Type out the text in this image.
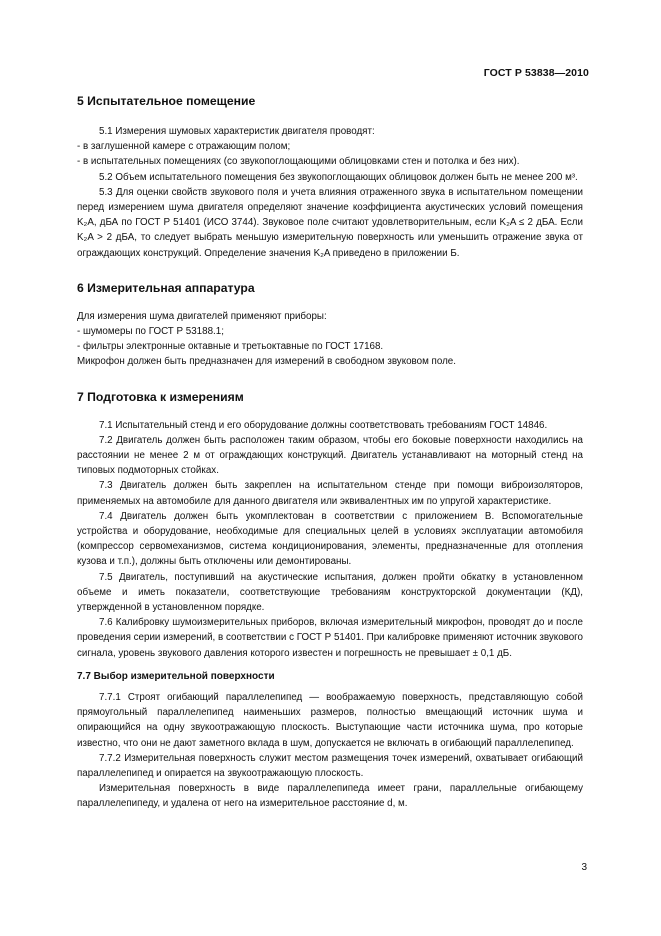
ГОСТ Р 53838—2010
5 Испытательное помещение

5.1 Измерения шумовых характеристик двигателя проводят:

- в заглушенной камере с отражающим полом;

- в испытательных помещениях (со звукопоглощающими облицовками стен и потолка и без них).

5.2 Объем испытательного помещения без звукопоглощающих облицовок должен быть не менее 200 м³.

5.3 Для оценки свойств звукового поля и учета влияния отраженного звука в испытательном помещении перед измерением шума двигателя определяют значение коэффициента акустических условий помещения K₂A, дБА по ГОСТ Р 51401 (ИСО 3744). Звуковое поле считают удовлетворительным, если K₂A ≤ 2 дБА. Если K₂A > 2 дБА, то следует выбрать меньшую измерительную поверхность или уменьшить отражение звука от ограждающих конструкций. Определение значения K₂A приведено в приложении Б.

6 Измерительная аппаратура

Для измерения шума двигателей применяют приборы:

- шумомеры по ГОСТ Р 53188.1;

- фильтры электронные октавные и третьоктавные по ГОСТ 17168.

Микрофон должен быть предназначен для измерений в свободном звуковом поле.

7 Подготовка к измерениям

7.1 Испытательный стенд и его оборудование должны соответствовать требованиям ГОСТ 14846.

7.2 Двигатель должен быть расположен таким образом, чтобы его боковые поверхности находились на расстоянии не менее 2 м от ограждающих конструкций. Двигатель устанавливают на моторный стенд на типовых подмоторных стойках.

7.3 Двигатель должен быть закреплен на испытательном стенде при помощи виброизоляторов, применяемых на автомобиле для данного двигателя или эквивалентных им по упругой характеристике.

7.4 Двигатель должен быть укомплектован в соответствии с приложением В. Вспомогательные устройства и оборудование, необходимые для специальных целей в условиях эксплуатации автомобиля (компрессор сервомеханизмов, система кондиционирования, элементы, предназначенные для отопления кузова и т.п.), должны быть отключены или демонтированы.

7.5 Двигатель, поступивший на акустические испытания, должен пройти обкатку в установленном объеме и иметь показатели, соответствующие требованиям конструкторской документации (КД), утвержденной в установленном порядке.

7.6 Калибровку шумоизмерительных приборов, включая измерительный микрофон, проводят до и после проведения серии измерений, в соответствии с ГОСТ Р 51401. При калибровке применяют источник звукового сигнала, уровень звукового давления которого известен и погрешность не превышает ± 0,1 дБ.

7.7 Выбор измерительной поверхности

7.7.1 Строят огибающий параллелепипед — воображаемую поверхность, представляющую собой прямоугольный параллелепипед наименьших размеров, полностью вмещающий источник шума и опирающийся на одну звукоотражающую плоскость. Выступающие части источника шума, про которые известно, что они не дают заметного вклада в шум, допускается не включать в огибающий параллелепипед.

7.7.2 Измерительная поверхность служит местом размещения точек измерений, охватывает огибающий параллелепипед и опирается на звукоотражающую плоскость.

Измерительная поверхность в виде параллелепипеда имеет грани, параллельные огибающему параллелепипеду, и удалена от него на измерительное расстояние d, м.

3
